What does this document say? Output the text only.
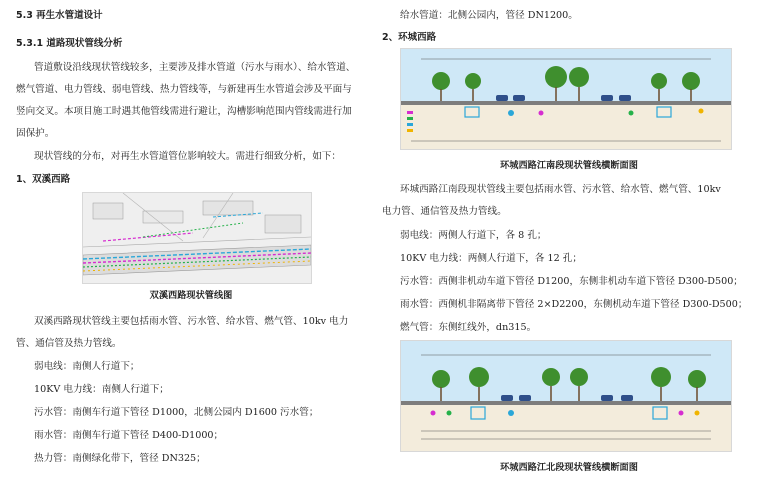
5.3 再生水管道设计
5.3.1 道路现状管线分析
管道敷设沿线现状管线较多，主要涉及排水管道（污水与雨水）、给水管道、
燃气管道、电力管线、弱电管线、热力管线等，与新建再生水管道会涉及平面与
竖向交叉。本项目施工时遇其他管线需进行避让，沟槽影响范围内管线需进行加
固保护。
现状管线的分布，对再生水管道管位影响较大。需进行细致分析，如下：
1、双溪西路
双溪西路现状管线图
双溪西路现状管线主要包括雨水管、污水管、给水管、燃气管、10kv 电力
管、通信管及热力管线。
弱电线：南侧人行道下；
10KV 电力线：南侧人行道下；
污水管：南侧车行道下管径 D1000，北侧公园内 D1600 污水管；
雨水管：南侧车行道下管径 D400-D1000；
热力管：南侧绿化带下，管径 DN325；
给水管道：北侧公园内，管径 DN1200。
2、环城西路
环城西路江南段现状管线横断面图
环城西路江南段现状管线主要包括雨水管、污水管、给水管、燃气管、10kv
电力管、通信管及热力管线。
弱电线：两侧人行道下，各 8 孔；
10KV 电力线：两侧人行道下，各 12 孔；
污水管：西侧非机动车道下管径 D1200，东侧非机动车道下管径 D300-D500；
雨水管：西侧机非隔离带下管径 2×D2200，东侧机动车道下管径 D300-D500；
燃气管：东侧红线外，dn315。
环城西路江北段现状管线横断面图
